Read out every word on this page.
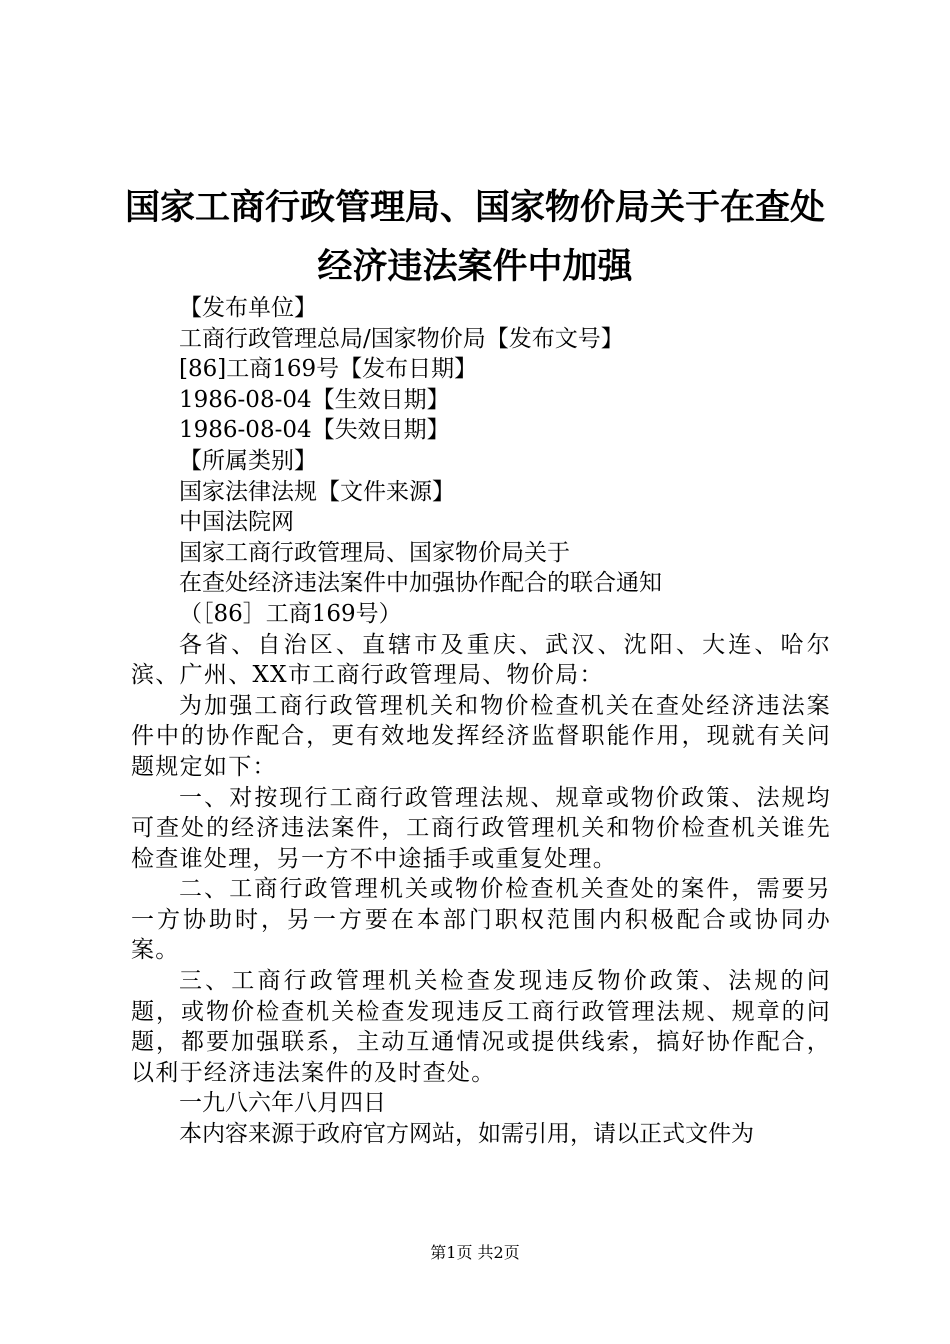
国家工商行政管理局、国家物价局关于在查处
经济违法案件中加强
【发布单位】
工商行政管理总局/国家物价局【发布文号】
[86]工商169号【发布日期】
1986-08-04【生效日期】
1986-08-04【失效日期】
【所属类别】
国家法律法规【文件来源】
中国法院网
国家工商行政管理局、国家物价局关于
在查处经济违法案件中加强协作配合的联合通知
（［86］工商169号）
各省、自治区、直辖市及重庆、武汉、沈阳、大连、哈尔滨、广州、XX市工商行政管理局、物价局：
为加强工商行政管理机关和物价检查机关在查处经济违法案件中的协作配合，更有效地发挥经济监督职能作用，现就有关问题规定如下：
一、对按现行工商行政管理法规、规章或物价政策、法规均可查处的经济违法案件，工商行政管理机关和物价检查机关谁先检查谁处理，另一方不中途插手或重复处理。
二、工商行政管理机关或物价检查机关查处的案件，需要另一方协助时，另一方要在本部门职权范围内积极配合或协同办案。
三、工商行政管理机关检查发现违反物价政策、法规的问题，或物价检查机关检查发现违反工商行政管理法规、规章的问题，都要加强联系，主动互通情况或提供线索，搞好协作配合，以利于经济违法案件的及时查处。
一九八六年八月四日
本内容来源于政府官方网站，如需引用，请以正式文件为
第1页 共2页
